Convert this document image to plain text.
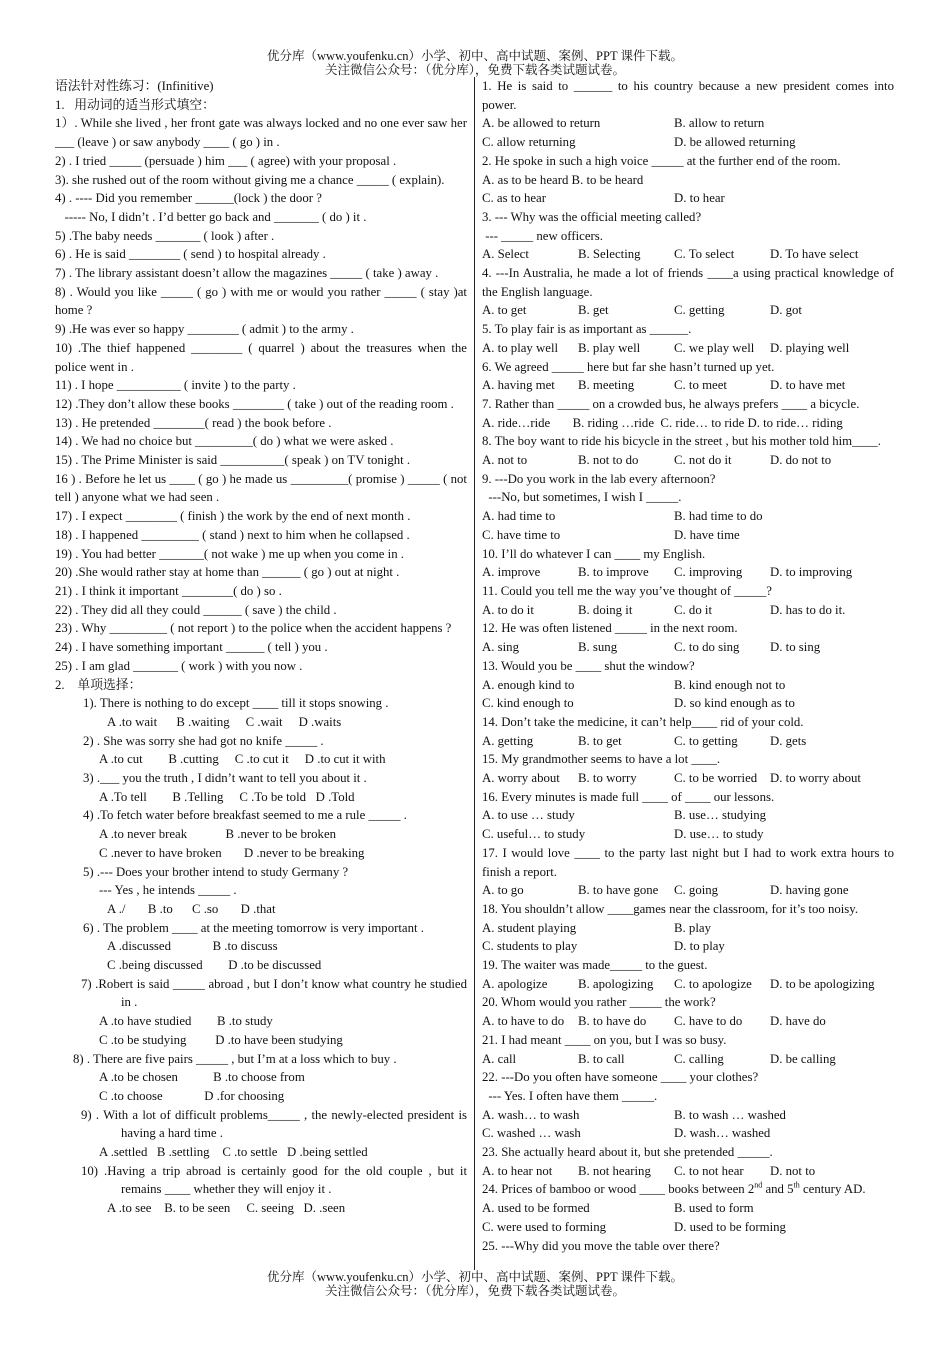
优分库（www.youfenku.cn）小学、初中、高中试题、案例、PPT 课件下载。
关注微信公众号：（优分库），免费下载各类试题试卷。
语法针对性练习：(Infinitive)
1.   用动词的适当形式填空：
1）. While she lived , her front gate was always locked and no one ever saw her ___ (leave ) or saw anybody ____ ( go ) in .
2) . I tried _____ (persuade ) him ___ ( agree) with your proposal .
3). she rushed out of the room without giving me a chance _____ ( explain).
4) . ---- Did you remember ______(lock ) the door ?
----- No, I didn’t . I’d better go back and _______ ( do ) it .
5) .The baby needs _______ ( look ) after .
6) . He is said ________ ( send ) to hospital already .
7) . The library assistant doesn’t allow the magazines _____ ( take ) away .
8) . Would you like _____ ( go ) with me or would you rather _____ ( stay )at home ?
9) .He was ever so happy ________ ( admit ) to the army .
10) .The thief happened ________ ( quarrel ) about the treasures when the police went in .
11) . I hope __________ ( invite ) to the party .
12) .They don’t allow these books ________ ( take ) out of the reading room .
13) . He pretended ________( read ) the book before .
14) . We had no choice but _________( do ) what we were asked .
15) . The Prime Minister is said __________( speak ) on TV tonight .
16 ) . Before he let us ____ ( go ) he made us _________( promise ) _____ ( not tell ) anyone what we had seen .
17) . I expect ________ ( finish ) the work by the end of next month .
18) . I happened _________ ( stand ) next to him when he collapsed .
19) . You had better _______( not wake ) me up when you come in .
20) .She would rather stay at home than ______ ( go ) out at night .
21) . I think it important ________( do ) so .
22) . They did all they could ______ ( save ) the child .
23) . Why _________ ( not report ) to the police when the accident happens ?
24) . I have something important ______ ( tell ) you .
25) . I am glad _______ ( work ) with you now .
2.    单项选择：
1). There is nothing to do except ____ till it stops snowing .
A .to wait      B .waiting     C .wait     D .waits
2) . She was sorry she had got no knife _____ .
A .to cut        B .cutting     C .to cut it     D .to cut it with
3) .___ you the truth , I didn’t want to tell you about it .
A .To tell        B .Telling     C .To be told   D .Told
4) .To fetch water before breakfast seemed to me a rule _____ .
A .to never break            B .never to be broken
C .never to have broken       D .never to be breaking
5) .--- Does your brother intend to study Germany ?
--- Yes , he intends _____ .
A ./       B .to      C .so       D .that
6) . The problem ____ at the meeting tomorrow is very important .
A .discussed             B .to discuss
C .being discussed        D .to be discussed
7) .Robert is said _____ abroad , but I don’t know what country he studied in .
A .to have studied        B .to study
C .to be studying         D .to have been studying
8) . There are five pairs _____ , but I’m at a loss which to buy .
A .to be chosen           B .to choose from
C .to choose             D .for choosing
9) . With a lot of difficult problems_____ , the newly-elected president is having a hard time .
A .settled   B .settling    C .to settle   D .being settled
10) .Having a trip abroad is certainly good for the old couple , but it remains ____ whether they will enjoy it .
A .to see    B. to be seen     C. seeing   D. .seen
1. He is said to ______ to his country because a new president comes into power.
A. be allowed to return	B. allow to return
C. allow returning	D. be allowed returning
2. He spoke in such a high voice _____ at the further end of the room.
A. as to be heard B. to be heard
C. as to hear	D. to hear
3. --- Why was the official meeting called?
--- _____ new officers.
A. Select	B. Selecting	C. To select	D. To have select
4. ---In Australia, he made a lot of friends ____a using practical knowledge of the English language.
A. to get	B. get	C. getting	D. got
5. To play fair is as important as ______.
A. to play well	B. play well	C. we play well	D. playing well
6. We agreed _____ here but far she hasn’t turned up yet.
A. having met	B. meeting	C. to meet	D. to have met
7. Rather than _____ on a crowded bus, he always prefers ____ a bicycle.
A. ride…ride       B. riding …ride  C. ride… to ride D. to ride… riding
8. The boy want to ride his bicycle in the street , but his mother told him____.
A. not to	B. not to do	C. not do it	D. do not to
9. ---Do you work in the lab every afternoon?
---No, but sometimes, I wish I _____.
A. had time to	B. had time to do
C. have time to	D. have time
10. I’ll do whatever I can ____ my English.
A. improve	B. to improve	C. improving	D. to improving
11. Could you tell me the way you’ve thought of _____?
A. to do it	B. doing it	C. do it	D. has to do it.
12. He was often listened _____ in the next room.
A. sing	B. sung	C. to do sing	D. to sing
13. Would you be ____ shut the window?
A. enough kind to	B. kind enough not to
C. kind enough to	D. so kind enough as to
14. Don’t take the medicine, it can’t help____ rid of your cold.
A. getting	B. to get	C. to getting	D. gets
15. My grandmother seems to have a lot ____.
A. worry about	B. to worry	C. to be worried	D. to worry about
16. Every minutes is made full ____ of ____ our lessons.
A. to use … study	B. use… studying
C. useful… to study	D. use… to study
17. I would love ____ to the party last night but I had to work extra hours to finish a report.
A. to go	B. to have gone	C. going	D. having gone
18. You shouldn’t allow ____games near the classroom, for it’s too noisy.
A. student playing	B. play
C. students to play	D. to play
19. The waiter was made_____ to the guest.
A. apologize	B. apologizing	C. to apologize	D. to be apologizing
20. Whom would you rather _____ the work?
A. to have to do	B. to have do	C. have to do	D. have do
21. I had meant ____ on you, but I was so busy.
A. call	B. to call	C. calling	D. be calling
22. ---Do you often have someone ____ your clothes?
--- Yes. I often have them _____.
A. wash… to wash	B. to wash … washed
C. washed … wash	D. wash… washed
23. She actually heard about it, but she pretended _____.
A. to hear not	B. not hearing	C. to not hear	D. not to
24. Prices of bamboo or wood ____ books between 2nd and 5th century AD.
A. used to be formed	B. used to form
C. were used to forming	D. used to be forming
25. ---Why did you move the table over there?
优分库（www.youfenku.cn）小学、初中、高中试题、案例、PPT 课件下载。
关注微信公众号：（优分库），免费下载各类试题试卷。
